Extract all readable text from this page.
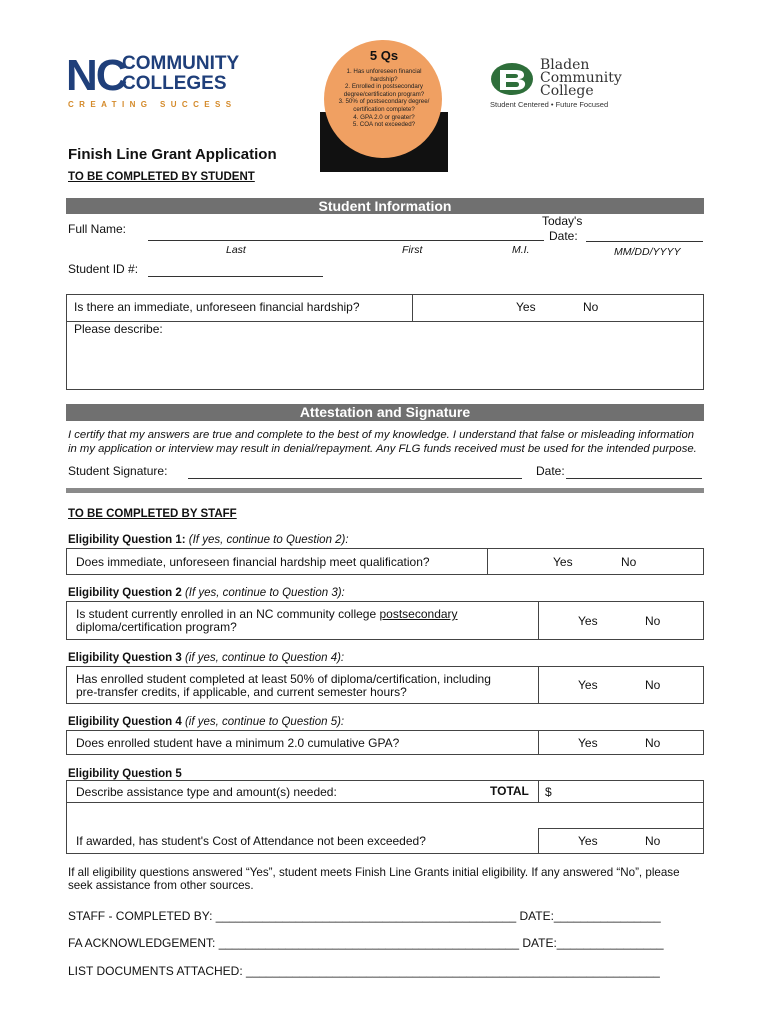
NC
COMMUNITY
COLLEGES
CREATING SUCCESS
5 Qs
1. Has unforeseen financial hardship?
2. Enrolled in postsecondary degree/certification program?
3. 50% of postsecondary degree/ certification complete?
4. GPA 2.0 or greater?
5. COA not exceeded?
Bladen
Community
College
Student Centered • Future Focused
Finish Line Grant Application
TO BE COMPLETED BY STUDENT
Student Information
Full Name:
Last	First	M.I.
Today's
Date:
MM/DD/YYYY
Student ID #:
Is there an immediate, unforeseen financial hardship?	Yes	No
Please describe:
Attestation and Signature
I certify that my answers are true and complete to the best of my knowledge. I understand that false or misleading information
in my application or interview may result in denial/repayment. Any FLG funds received must be used for the intended purpose.
Student Signature:	Date:
TO BE COMPLETED BY STAFF
Eligibility Question 1: (If yes, continue to Question 2):
Does immediate, unforeseen financial hardship meet qualification?	Yes	No
Eligibility Question 2 (If yes, continue to Question 3):
Is student currently enrolled in an NC community college postsecondary
diploma/certification program?	Yes	No
Eligibility Question 3 (if yes, continue to Question 4):
Has enrolled student completed at least 50% of diploma/certification, including
pre-transfer credits, if applicable, and current semester hours?	Yes	No
Eligibility Question 4 (if yes, continue to Question 5):
Does enrolled student have a minimum 2.0 cumulative GPA?	Yes	No
Eligibility Question 5
Describe assistance type and amount(s) needed:	TOTAL $
If awarded, has student's Cost of Attendance not been exceeded?	Yes	No
If all eligibility questions answered “Yes”, student meets Finish Line Grants initial eligibility. If any answered “No”, please
seek assistance from other sources.
STAFF - COMPLETED BY: _____________________________________________ DATE:________________
FA ACKNOWLEDGEMENT: _____________________________________________ DATE:________________
LIST DOCUMENTS ATTACHED: ______________________________________________________________
